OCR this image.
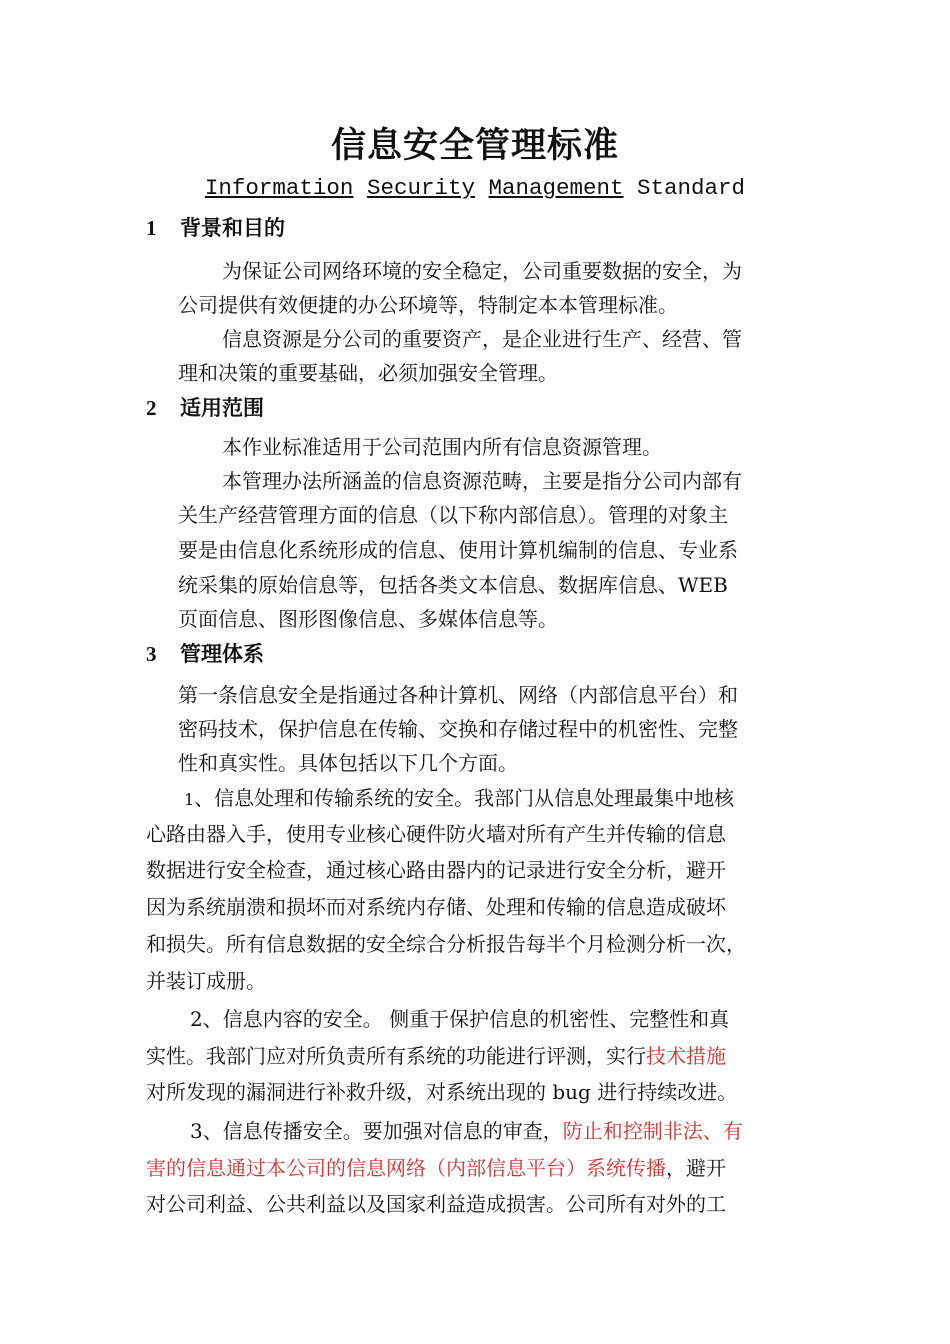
信息安全管理标准
Information Security Management Standard
1 背景和目的
为保证公司网络环境的安全稳定，公司重要数据的安全，为
公司提供有效便捷的办公环境等，特制定本本管理标准。
信息资源是分公司的重要资产，是企业进行生产、经营、管
理和决策的重要基础，必须加强安全管理。
2 适用范围
本作业标准适用于公司范围内所有信息资源管理。
本管理办法所涵盖的信息资源范畴，主要是指分公司内部有
关生产经营管理方面的信息（以下称内部信息）。管理的对象主
要是由信息化系统形成的信息、使用计算机编制的信息、专业系
统采集的原始信息等，包括各类文本信息、数据库信息、WEB
页面信息、图形图像信息、多媒体信息等。
3 管理体系
第一条信息安全是指通过各种计算机、网络（内部信息平台）和
密码技术，保护信息在传输、交换和存储过程中的机密性、完整
性和真实性。具体包括以下几个方面。
1、信息处理和传输系统的安全。我部门从信息处理最集中地核
心路由器入手，使用专业核心硬件防火墙对所有产生并传输的信息
数据进行安全检查，通过核心路由器内的记录进行安全分析，避开
因为系统崩溃和损坏而对系统内存储、处理和传输的信息造成破坏
和损失。所有信息数据的安全综合分析报告每半个月检测分析一次，
并装订成册。
2、信息内容的安全。 侧重于保护信息的机密性、完整性和真
实性。我部门应对所负责所有系统的功能进行评测，实行技术措施
对所发现的漏洞进行补救升级，对系统出现的 bug 进行持续改进。
3、信息传播安全。要加强对信息的审查，防止和控制非法、有
害的信息通过本公司的信息网络（内部信息平台）系统传播，避开
对公司利益、公共利益以及国家利益造成损害。公司所有对外的工
